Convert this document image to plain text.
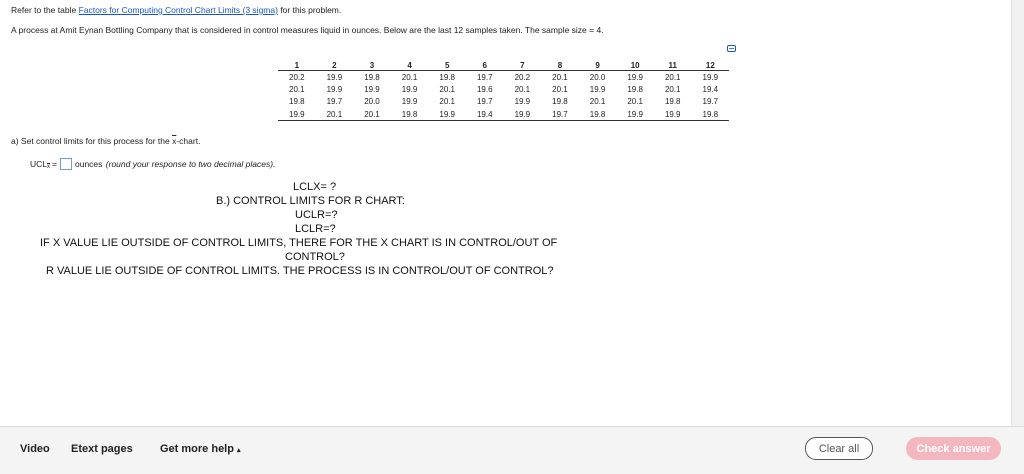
Refer to the table Factors for Computing Control Chart Limits (3 sigma) for this problem.
A process at Amit Eynan Bottling Company that is considered in control measures liquid in ounces. Below are the last 12 samples taken. The sample size = 4.
1	2	3	4	5	6	7	8	9	10	11	12
20.2	19.9	19.8	20.1	19.8	19.7	20.2	20.1	20.0	19.9	20.1	19.9
20.1	19.9	19.9	19.9	20.1	19.6	20.1	20.1	19.9	19.8	20.1	19.4
19.8	19.7	20.0	19.9	20.1	19.7	19.9	19.8	20.1	20.1	19.8	19.7
19.9	20.1	20.1	19.8	19.9	19.4	19.9	19.7	19.8	19.9	19.9	19.8
a) Set control limits for this process for the $\overline{x}$-chart.
UCL $\overline{x}$ = ounces
(round your response to two decimal places).
LCLX= ?
B.) CONTROL LIMITS FOR R CHART:
UCLR=?
LCLR=?
IF X VALUE LIE OUTSIDE OF CONTROL LIMITS, THERE FOR THE X CHART IS IN CONTROL/OUT OF
CONTROL?
R VALUE LIE OUTSIDE OF CONTROL LIMITS. THE PROCESS IS IN CONTROL/OUT OF CONTROL?
Video Etext pages Get more help ▴	Clear all	Check answer
